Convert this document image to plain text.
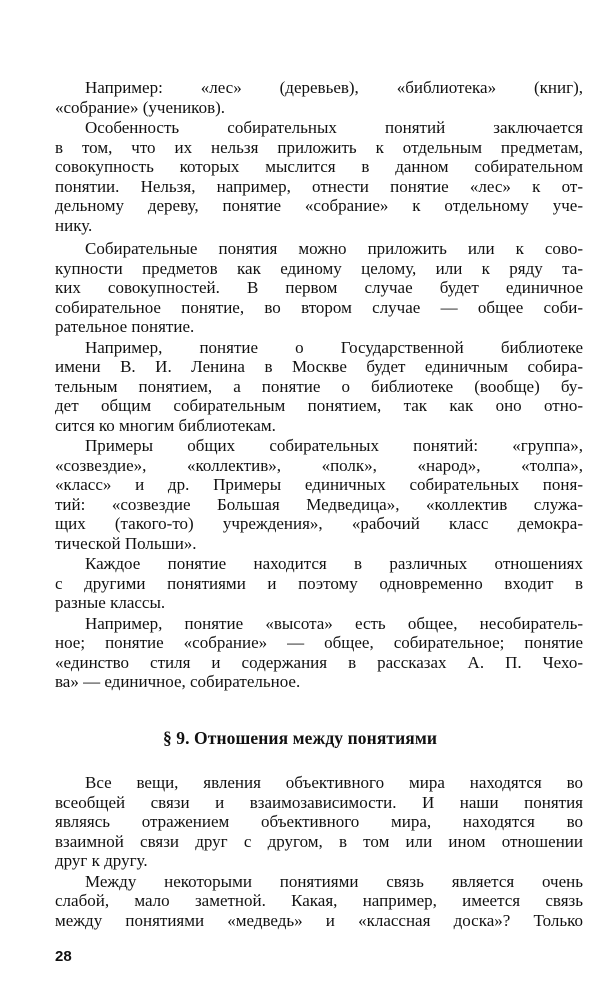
Например: «лес» (деревьев), «библиотека» (книг),
«собрание» (учеников).

Особенность собирательных понятий заключается
в том, что их нельзя приложить к отдельным предметам,
совокупность которых мыслится в данном собирательном
понятии. Нельзя, например, отнести понятие «лес» к от-
дельному дереву, понятие «собрание» к отдельному уче-
нику.

Собирательные понятия можно приложить или к сово-
купности предметов как единому целому, или к ряду та-
ких совокупностей. В первом случае будет единичное
собирательное понятие, во втором случае — общее соби-
рательное понятие.

Например, понятие о Государственной библиотеке
имени В. И. Ленина в Москве будет единичным собира-
тельным понятием, а понятие о библиотеке (вообще) бу-
дет общим собирательным понятием, так как оно отно-
сится ко многим библиотекам.

Примеры общих собирательных понятий: «группа»,
«созвездие», «коллектив», «полк», «народ», «толпа»,
«класс» и др. Примеры единичных собирательных поня-
тий: «созвездие Большая Медведица», «коллектив служа-
щих (такого-то) учреждения», «рабочий класс демокра-
тической Польши».

Каждое понятие находится в различных отношениях
с другими понятиями и поэтому одновременно входит в
разные классы.

Например, понятие «высота» есть общее, несобиратель-
ное; понятие «собрание» — общее, собирательное; понятие
«единство стиля и содержания в рассказах А. П. Чехо-
ва» — единичное, собирательное.

§ 9. Отношения между понятиями

Все вещи, явления объективного мира находятся во
всеобщей связи и взаимозависимости. И наши понятия
являясь отражением объективного мира, находятся во
взаимной связи друг с другом, в том или ином отношении
друг к другу.

Между некоторыми понятиями связь является очень
слабой, мало заметной. Какая, например, имеется связь
между понятиями «медведь» и «классная доска»? Только

28
